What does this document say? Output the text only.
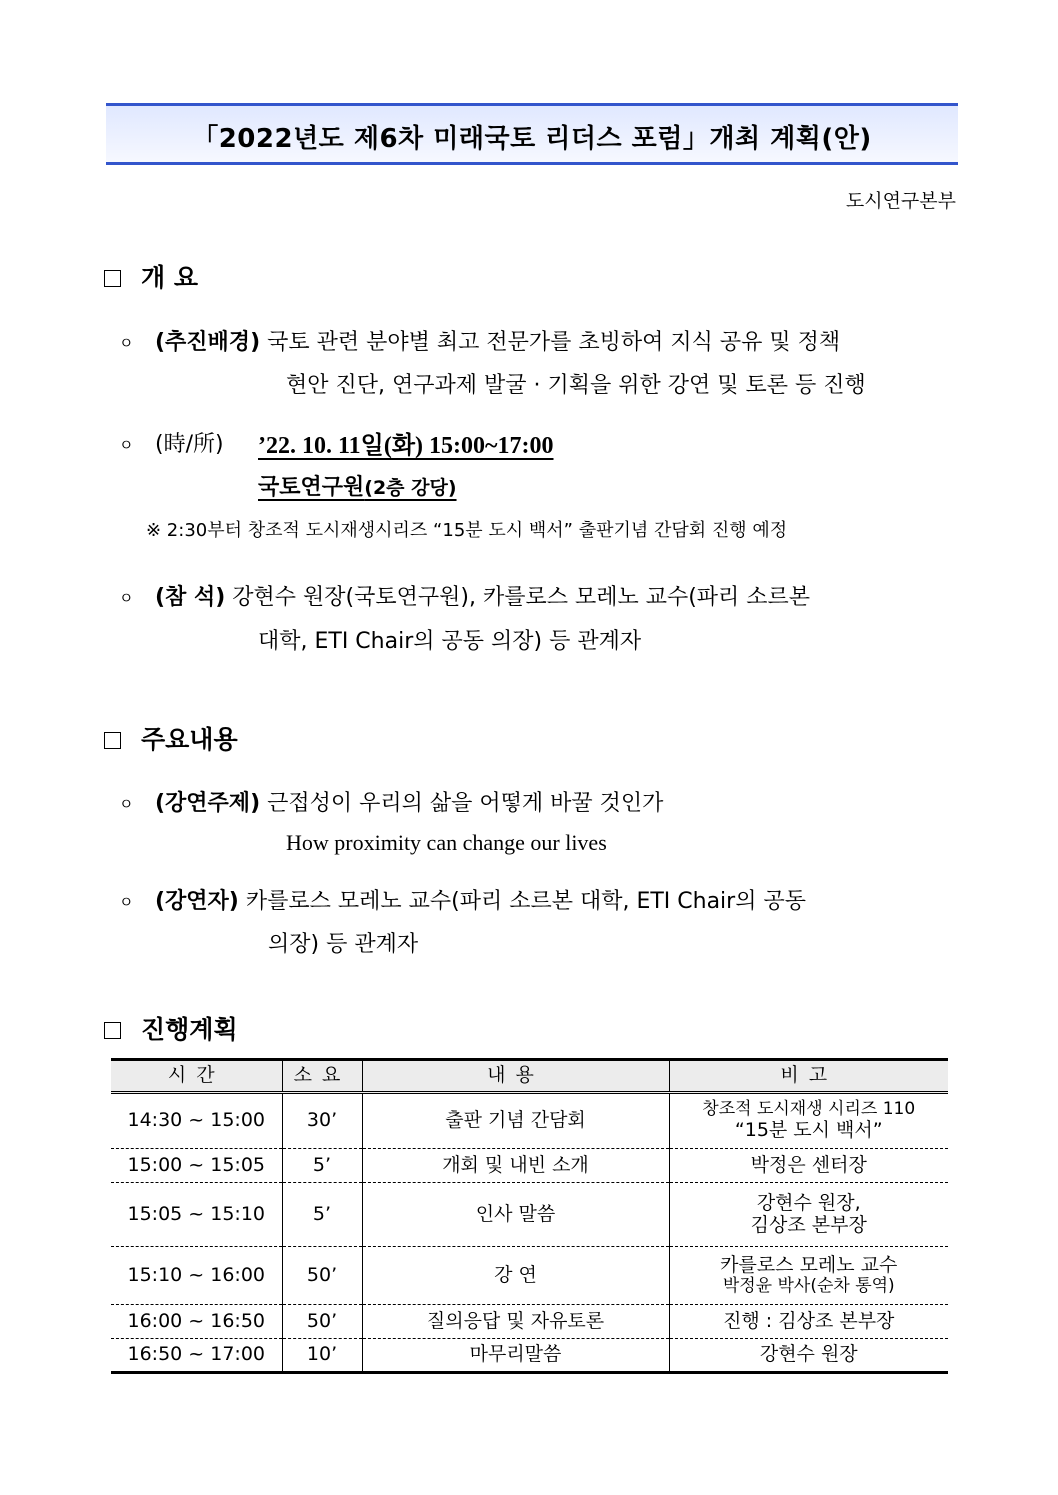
「2022년도 제6차 미래국토 리더스 포럼」개최 계획(안)
도시연구본부
개 요
ㅇ (추진배경) 국토 관련 분야별 최고 전문가를 초빙하여 지식 공유 및 정책
현안 진단, 연구과제 발굴 · 기획을 위한 강연 및 토론 등 진행
ㅇ (時/所) ’22. 10. 11일(화) 15:00~17:00
국토연구원(2층 강당)
※ 2:30부터 창조적 도시재생시리즈 “15분 도시 백서” 출판기념 간담회 진행 예정
ㅇ (참 석) 강현수 원장(국토연구원), 카를로스 모레노 교수(파리 소르본
대학, ETI Chair의 공동 의장) 등 관계자
주요내용
ㅇ (강연주제) 근접성이 우리의 삶을 어떻게 바꿀 것인가
How proximity can change our lives
ㅇ (강연자) 카를로스 모레노 교수(파리 소르본 대학, ETI Chair의 공동
의장) 등 관계자
진행계획
시간	소요	내용	비고
14:30 ~ 15:00	30’	출판 기념 간담회	창조적 도시재생 시리즈 110
“15분 도시 백서”

15:00 ~ 15:05	5’	개회 및 내빈 소개	박정은 센터장
15:05 ~ 15:10	5’	인사 말씀	강현수 원장,
김상조 본부장

15:10 ~ 16:00	50’	강 연	카를로스 모레노 교수
박정윤 박사(순차 통역)

16:00 ~ 16:50	50’	질의응답 및 자유토론	진행 : 김상조 본부장
16:50 ~ 17:00	10’	마무리말씀	강현수 원장
